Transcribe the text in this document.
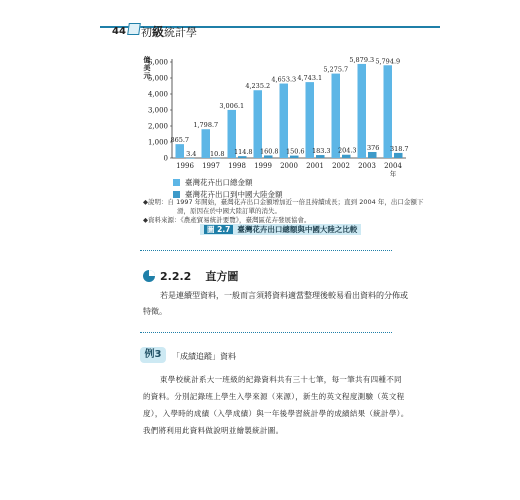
44 初級統計學
億美元
0
1,000
2,000
3,000
4,000
5,000
6,000
865.7
3.4
1996
1,798.7
10.8
1997
3,006.1
114.8
1998
4,235.2
160.8
1999
4,653.3
150.6
2000
4,743.1
183.3
2001
5,275.7
204.3
2002
5,879.3
376
2003
5,794.9
318.7
2004
年
臺灣花卉出口總金額
臺灣花卉出口到中國大陸金額
◆說明：自 1997 年開始，臺灣花卉出口金額增加近一倍且持續成長；直到 2004 年，出口金額下
滑，原因在於中國大陸訂單的消失。
◆資料來源：《農產貿易統計要覽》，臺灣區花卉發展協會。
圖 2.7 臺灣花卉出口總額與中國大陸之比較
2.2.2 直方圖
若是連續型資料，一般而言須將資料適當整理後較易看出資料的分佈或
特徵。
例3	「成績追蹤」資料
東學校統計系大一班級的紀錄資料共有三十七筆，每一筆共有四種不同
的資料。分別記錄班上學生入學來源（來源），新生的英文程度測驗（英文程
度），入學時的成績（入學成績）與一年後學習統計學的成績結果（統計學）。
我們將利用此資料做說明並繪製統計圖。
